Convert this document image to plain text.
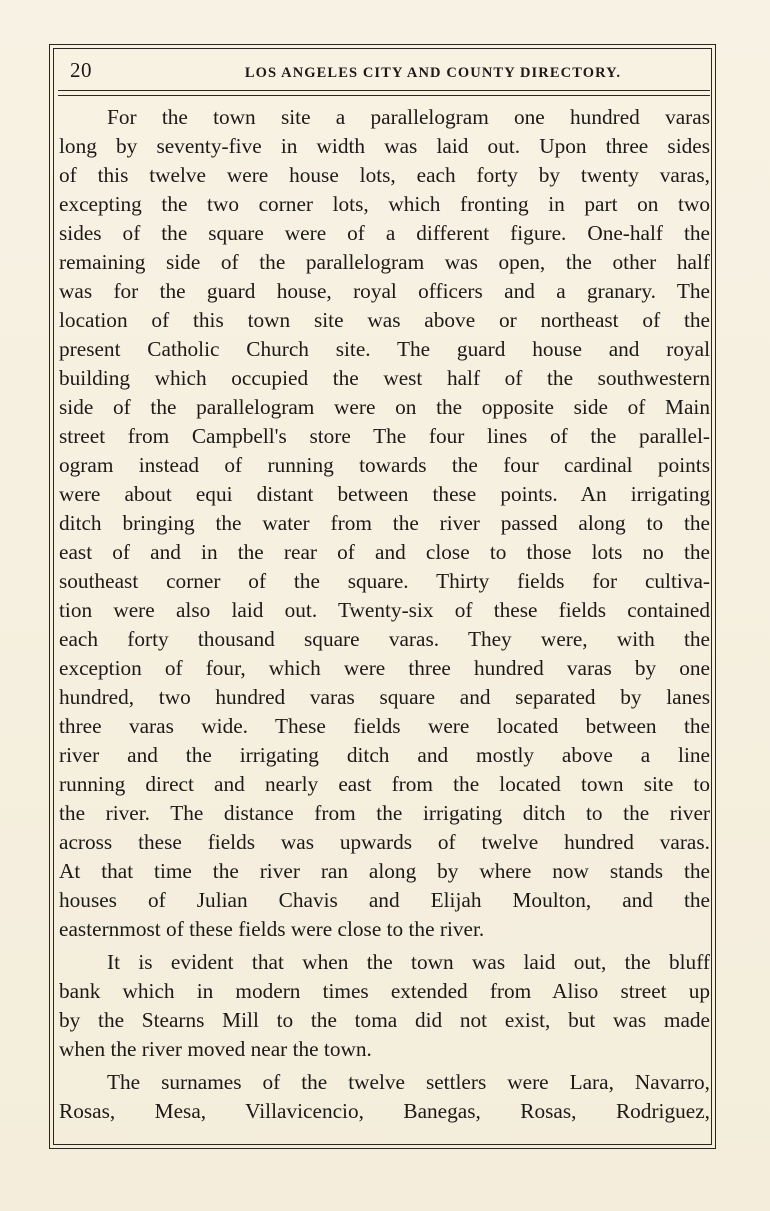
20	LOS ANGELES CITY AND COUNTY DIRECTORY.
For the town site a parallelogram one hundred varas
long by seventy-five in width was laid out. Upon three sides
of this twelve were house lots, each forty by twenty varas,
excepting the two corner lots, which fronting in part on two
sides of the square were of a different figure. One-half the
remaining side of the parallelogram was open, the other half
was for the guard house, royal officers and a granary. The
location of this town site was above or northeast of the
present Catholic Church site. The guard house and royal
building which occupied the west half of the southwestern
side of the parallelogram were on the opposite side of Main
street from Campbell's store The four lines of the parallel-
ogram instead of running towards the four cardinal points
were about equi distant between these points. An irrigating
ditch bringing the water from the river passed along to the
east of and in the rear of and close to those lots no the
southeast corner of the square. Thirty fields for cultiva-
tion were also laid out. Twenty-six of these fields contained
each forty thousand square varas. They were, with the
exception of four, which were three hundred varas by one
hundred, two hundred varas square and separated by lanes
three varas wide. These fields were located between the
river and the irrigating ditch and mostly above a line
running direct and nearly east from the located town site to
the river. The distance from the irrigating ditch to the river
across these fields was upwards of twelve hundred varas.
At that time the river ran along by where now stands the
houses of Julian Chavis and Elijah Moulton, and the
easternmost of these fields were close to the river.
It is evident that when the town was laid out, the bluff
bank which in modern times extended from Aliso street up
by the Stearns Mill to the toma did not exist, but was made
when the river moved near the town.
The surnames of the twelve settlers were Lara, Navarro,
Rosas, Mesa, Villavicencio, Banegas, Rosas, Rodriguez,
